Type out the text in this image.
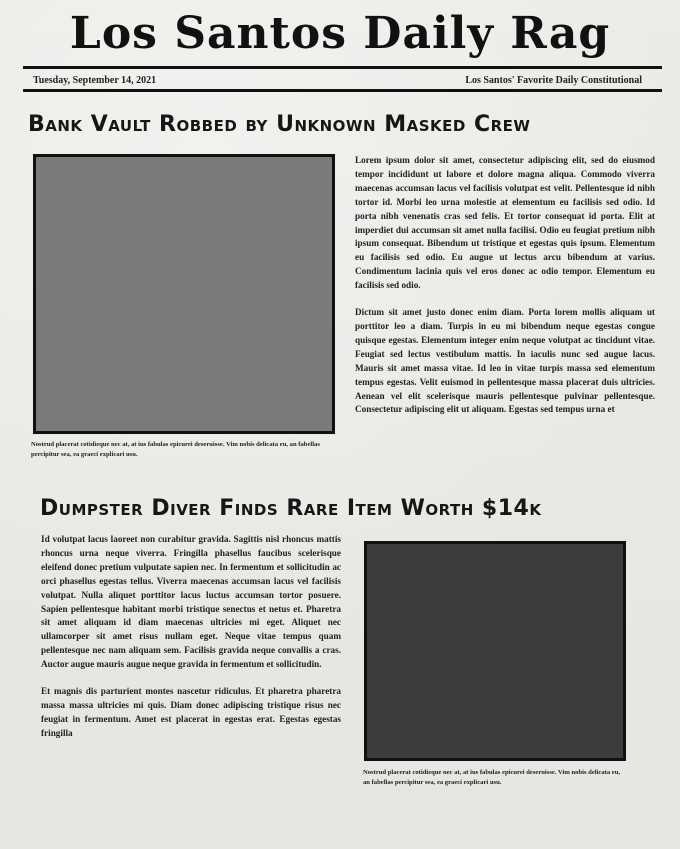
Los Santos Daily Rag
Tuesday, September 14, 2021	Los Santos' Favorite Daily Constitutional
Bank Vault Robbed by Unknown Masked Crew
Nostrud placerat cotidieque nec at, at ius fabulas epicurei deseruisse. Vim nobis delicata eu, an fabellas percipitur sea, ea graeci explicari usu.

Lorem ipsum dolor sit amet, consectetur adipiscing elit, sed do eiusmod tempor incididunt ut labore et dolore magna aliqua. Commodo viverra maecenas accumsan lacus vel facilisis volutpat est velit. Pellentesque id nibh tortor id. Morbi leo urna molestie at elementum eu facilisis sed odio. Id porta nibh venenatis cras sed felis. Et tortor consequat id porta. Elit at imperdiet dui accumsan sit amet nulla facilisi. Odio eu feugiat pretium nibh ipsum consequat. Bibendum ut tristique et egestas quis ipsum. Elementum eu facilisis sed odio. Eu augue ut lectus arcu bibendum at varius. Condimentum lacinia quis vel eros donec ac odio tempor. Elementum eu facilisis sed odio.

Dictum sit amet justo donec enim diam. Porta lorem mollis aliquam ut porttitor leo a diam. Turpis in eu mi bibendum neque egestas congue quisque egestas. Elementum integer enim neque volutpat ac tincidunt vitae. Feugiat sed lectus vestibulum mattis. In iaculis nunc sed augue lacus. Mauris sit amet massa vitae. Id leo in vitae turpis massa sed elementum tempus egestas. Velit euismod in pellentesque massa placerat duis ultricies. Aenean vel elit scelerisque mauris pellentesque pulvinar pellentesque. Consectetur adipiscing elit ut aliquam. Egestas sed tempus urna et

Dumpster Diver Finds Rare Item Worth $14k

Id volutpat lacus laoreet non curabitur gravida. Sagittis nisl rhoncus mattis rhoncus urna neque viverra. Fringilla phasellus faucibus scelerisque eleifend donec pretium vulputate sapien nec. In fermentum et sollicitudin ac orci phasellus egestas tellus. Viverra maecenas accumsan lacus vel facilisis volutpat. Nulla aliquet porttitor lacus luctus accumsan tortor posuere. Sapien pellentesque habitant morbi tristique senectus et netus et. Pharetra sit amet aliquam id diam maecenas ultricies mi eget. Aliquet nec ullamcorper sit amet risus nullam eget. Neque vitae tempus quam pellentesque nec nam aliquam sem. Facilisis gravida neque convallis a cras. Auctor augue mauris augue neque gravida in fermentum et sollicitudin.

Et magnis dis parturient montes nascetur ridiculus. Et pharetra pharetra massa massa ultricies mi quis. Diam donec adipiscing tristique risus nec feugiat in fermentum. Amet est placerat in egestas erat. Egestas egestas fringilla

Nostrud placerat cotidieque nec at, at ius fabulas epicurei deseruisse. Vim nobis delicata eu, an fabellas percipitur sea, ea graeci explicari usu.
